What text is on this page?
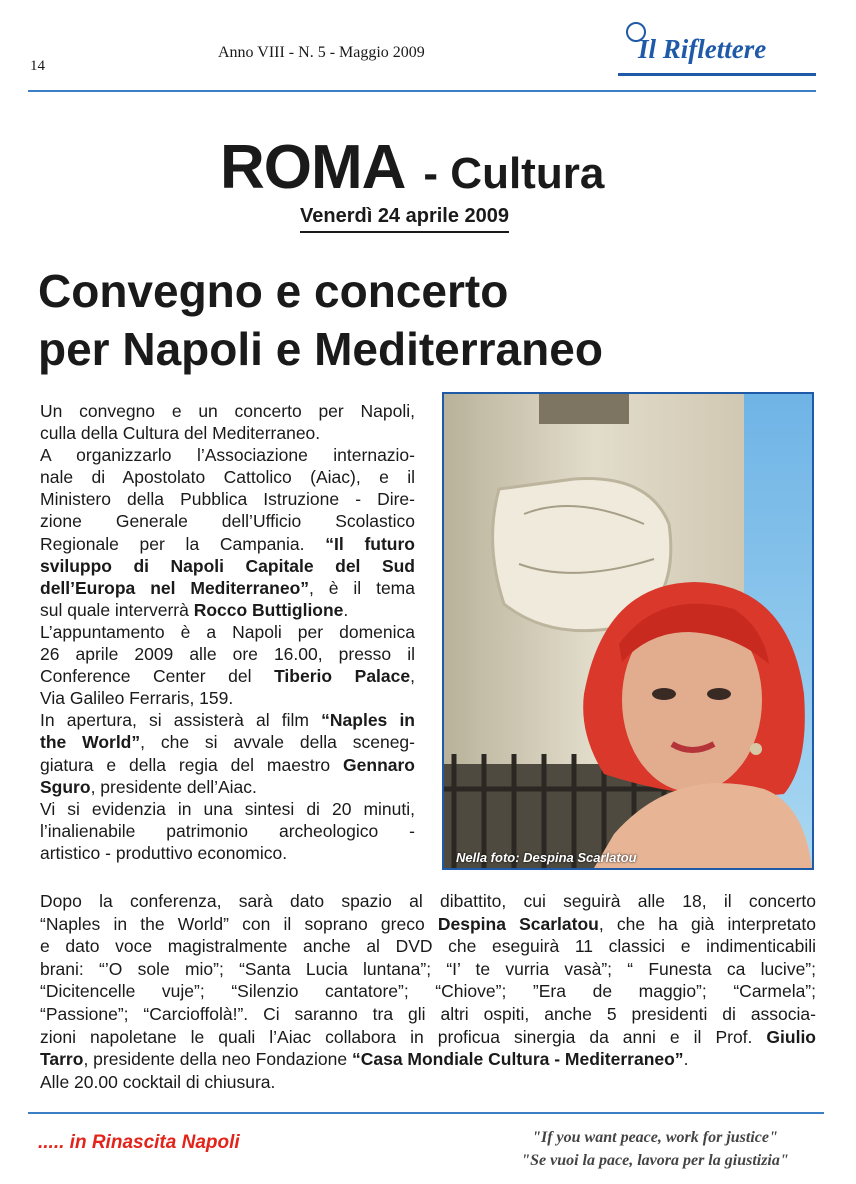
14
Anno VIII - N. 5 - Maggio 2009	Il Riflettere
ROMA - Cultura
Venerdì 24 aprile 2009
Convegno e concerto
per Napoli e Mediterraneo
Un convegno e un concerto per Napoli,
culla della Cultura del Mediterraneo.
A organizzarlo l’Associazione internazio-
nale di Apostolato Cattolico (Aiac), e il
Ministero della Pubblica Istruzione - Dire-
zione Generale dell’Ufficio Scolastico
Regionale per la Campania. “Il futuro
sviluppo di Napoli Capitale del Sud
dell’Europa nel Mediterraneo”, è il tema
sul quale interverrà Rocco Buttiglione.
L’appuntamento è a Napoli per domenica
26 aprile 2009 alle ore 16.00, presso il
Conference Center del Tiberio Palace,
Via Galileo Ferraris, 159.
In apertura, si assisterà al film “Naples in
the World”, che si avvale della sceneg-
giatura e della regia del maestro Gennaro
Sguro, presidente dell’Aiac.
Vi si evidenzia in una sintesi di 20 minuti,
l’inalienabile patrimonio archeologico -
artistico - produttivo economico.	Nella foto: Despina Scarlatou
Dopo la conferenza, sarà dato spazio al dibattito, cui seguirà alle 18, il concerto
“Naples in the World” con il soprano greco Despina Scarlatou, che ha già interpretato
e dato voce magistralmente anche al DVD che eseguirà 11 classici e indimenticabili
brani: “’O sole mio”; “Santa Lucia luntana”; “I’ te vurria vasà”; “ Funesta ca lucive”;
“Dicitencelle vuje”; “Silenzio cantatore”; “Chiove”; ”Era de maggio”; “Carmela”;
“Passione”; “Carcioffolà!”. Ci saranno tra gli altri ospiti, anche 5 presidenti di associa-
zioni napoletane le quali l’Aiac collabora in proficua sinergia da anni e il Prof. Giulio
Tarro, presidente della neo Fondazione “Casa Mondiale Cultura - Mediterraneo”.
Alle 20.00 cocktail di chiusura.
..... in Rinascita Napoli	"If you want peace, work for justice"
"Se vuoi la pace, lavora per la giustizia"
